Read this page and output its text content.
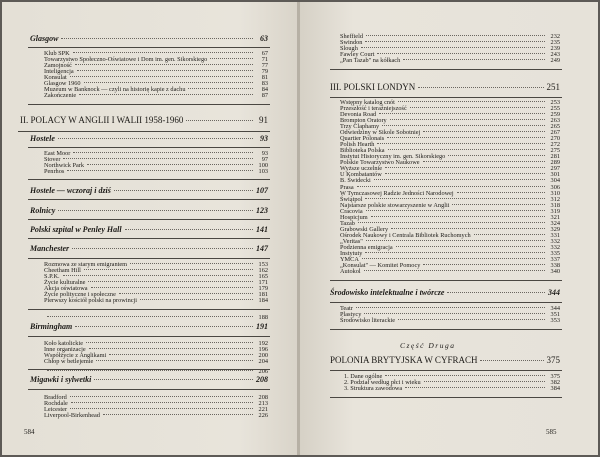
Glasgow	63
Klub SPK	67
Towarzystwo Społeczno-Oświatowe i Dom im. gen. Sikorskiego	71
Zamojność	77
Inteligencja	79
Konsulat	81
Glasgow 1960	83
Muzeum w Banknock — czyli na historię kapie z dachu	84
Zakończenie	87
II. POLACY W ANGLII I WALII 1958-1960	91
Hostele	93
East Moor	93
Stover	97
Northwick Park	100
Penrhos	103
Hostele — wczoraj i dziś	107
Rolnicy	123
Polski szpital w Penley Hall	141
Manchester	147
Rozmowa ze starym emigrantem	153
Cheetham Hill	162
S.P.K.	165
Życie kulturalne	171
Akcja oświatowa	179
Życie polityczne i społeczne	181
Pierwszy kościół polski na prowincji	184
188
Birmingham	191
Koło katolickie	192
Inne organizacje	196
Współżycie z Anglikami	200
Chłop w betlejemie	204
206
Migawki i sylwetki	208
Bradford	208
Rochdale	213
Leicester	221
Liverpool-Birkenhead	226
584
Sheffield	232
Swindon	235
Slough	239
Fawley Court	243
„Pan Tazab" na kółkach	249
III. POLSKI LONDYN	251
Wstępny katalog cnót	253
Przeszłość i teraźniejszość	255
Devonia Road	259
Brompton Oratory	263
Trzy Claphamy	265
Odwiedziny w Sikole Sobotniej	267
Quartier Polonais	270
Polish Hearth	272
Biblioteka Polska	275
Instytut Historyczny im. gen. Sikorskiego	281
Polskie Towarzystwo Naukowe	289
Wyższe uczelnie	297
U Kombatantów	301
B. Świdecki	304
Prasa	306
W Tymczasowej Radzie Jedności Narodowej	310
Świątpol	312
Najstarsze polskie stowarzyszenie w Anglii	318
Cracovia	319
Hospicjum	321
Tazab	324
Grabowski Gallery	329
Ośrodek Naukowy i Centrala Bibliotek Ruchomych	331
„Veritas"	332
Podzienna emigracja	332
Instytuty	335
YMCA	337
„Konsulat" — Komitet Pomocy	338
Autokol	340
Środowisko intelektualne i twórcze	344
Teatr	344
Plastycy	351
Środowisko literackie	353
POLONIA BRYTYJSKA W CYFRACH	375
1. Dane ogólne	375
2. Podział według płci i wieku	382
3. Struktura zawodowa	384
Część Druga
585
